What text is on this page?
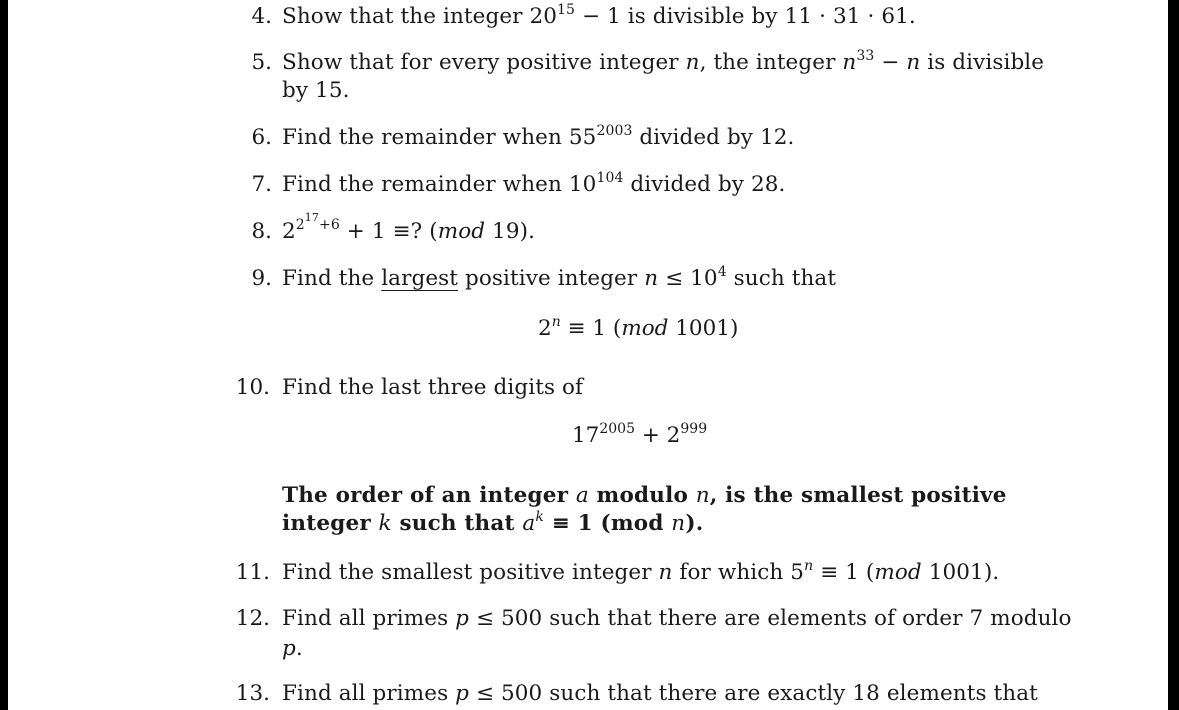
4. Show that the integer $20^{15} - 1$ is divisible by 11 · 31 · 61.
5. Show that for every positive integer n, the integer $n^{33} - n$ is divisible
by 15.
6. Find the remainder when $55^{2003}$ divided by 12.
7. Find the remainder when $10^{104}$ divided by 28.
8. $2^{2^{17}+6} + 1$ ≡? (mod 19).
9. Find the largest positive integer $n \le 10^4$ such that
$2^n \equiv 1$ (mod 1001)
10. Find the last three digits of
$17^{2005} + 2^{999}$
The order of an integer a modulo n, is the smallest positive
integer k such that $a^k \equiv 1$ (mod n).
11. Find the smallest positive integer n for which $5^n \equiv 1$ (mod 1001).
12. Find all primes p ≤ 500 such that there are elements of order 7 modulo
p.
13. Find all primes p ≤ 500 such that there are exactly 18 elements that
